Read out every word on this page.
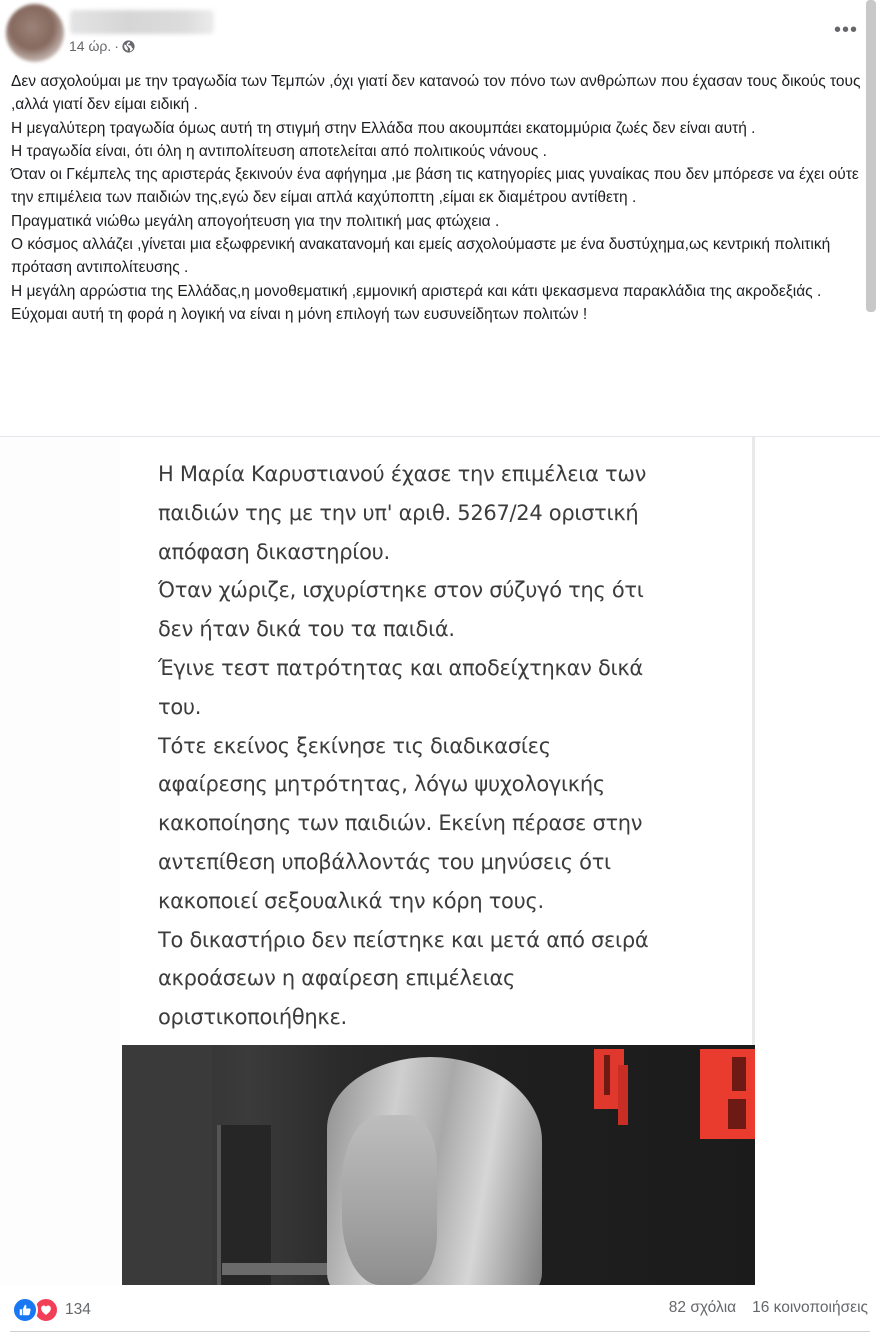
14 ώρ. ·
•••

Δεν ασχολούμαι με την τραγωδία των Τεμπών ,όχι γιατί δεν κατανοώ τον πόνο των ανθρώπων που έχασαν τους δικούς τους ,αλλά γιατί δεν είμαι ειδική .

Η μεγαλύτερη τραγωδία όμως αυτή τη στιγμή στην Ελλάδα που ακουμπάει εκατομμύρια ζωές δεν είναι αυτή .

Η τραγωδία είναι, ότι όλη η αντιπολίτευση αποτελείται από πολιτικούς νάνους .

Όταν οι Γκέμπελς της αριστεράς ξεκινούν ένα αφήγημα ,με βάση τις κατηγορίες μιας γυναίκας που δεν μπόρεσε να έχει ούτε την επιμέλεια των παιδιών της,εγώ δεν είμαι απλά καχύποπτη ,είμαι εκ διαμέτρου αντίθετη .

Πραγματικά νιώθω μεγάλη απογοήτευση για την πολιτική μας φτώχεια .

Ο κόσμος αλλάζει ,γίνεται μια εξωφρενική ανακατανομή και εμείς ασχολούμαστε με ένα δυστύχημα,ως κεντρική πολιτική πρόταση αντιπολίτευσης .

Η μεγάλη αρρώστια της Ελλάδας,η μονοθεματική ,εμμονική αριστερά και κάτι ψεκασμενα παρακλάδια της ακροδεξιάς .

Εύχομαι αυτή τη φορά η λογική να είναι η μόνη επιλογή των ευσυνείδητων πολιτών !

Η Μαρία Καρυστιανού έχασε την επιμέλεια των

παιδιών της με την υπ' αριθ. 5267/24 οριστική

απόφαση δικαστηρίου.

Όταν χώριζε, ισχυρίστηκε στον σύζυγό της ότι

δεν ήταν δικά του τα παιδιά.

Έγινε τεστ πατρότητας και αποδείχτηκαν δικά

του.

Τότε εκείνος ξεκίνησε τις διαδικασίες

αφαίρεσης μητρότητας, λόγω ψυχολογικής

κακοποίησης των παιδιών. Εκείνη πέρασε στην

αντεπίθεση υποβάλλοντάς του μηνύσεις ότι

κακοποιεί σεξουαλικά την κόρη τους.

Το δικαστήριο δεν πείστηκε και μετά από σειρά

ακροάσεων η αφαίρεση επιμέλειας

οριστικοποιήθηκε.

134	82 σχόλια 16 κοινοποιήσεις
